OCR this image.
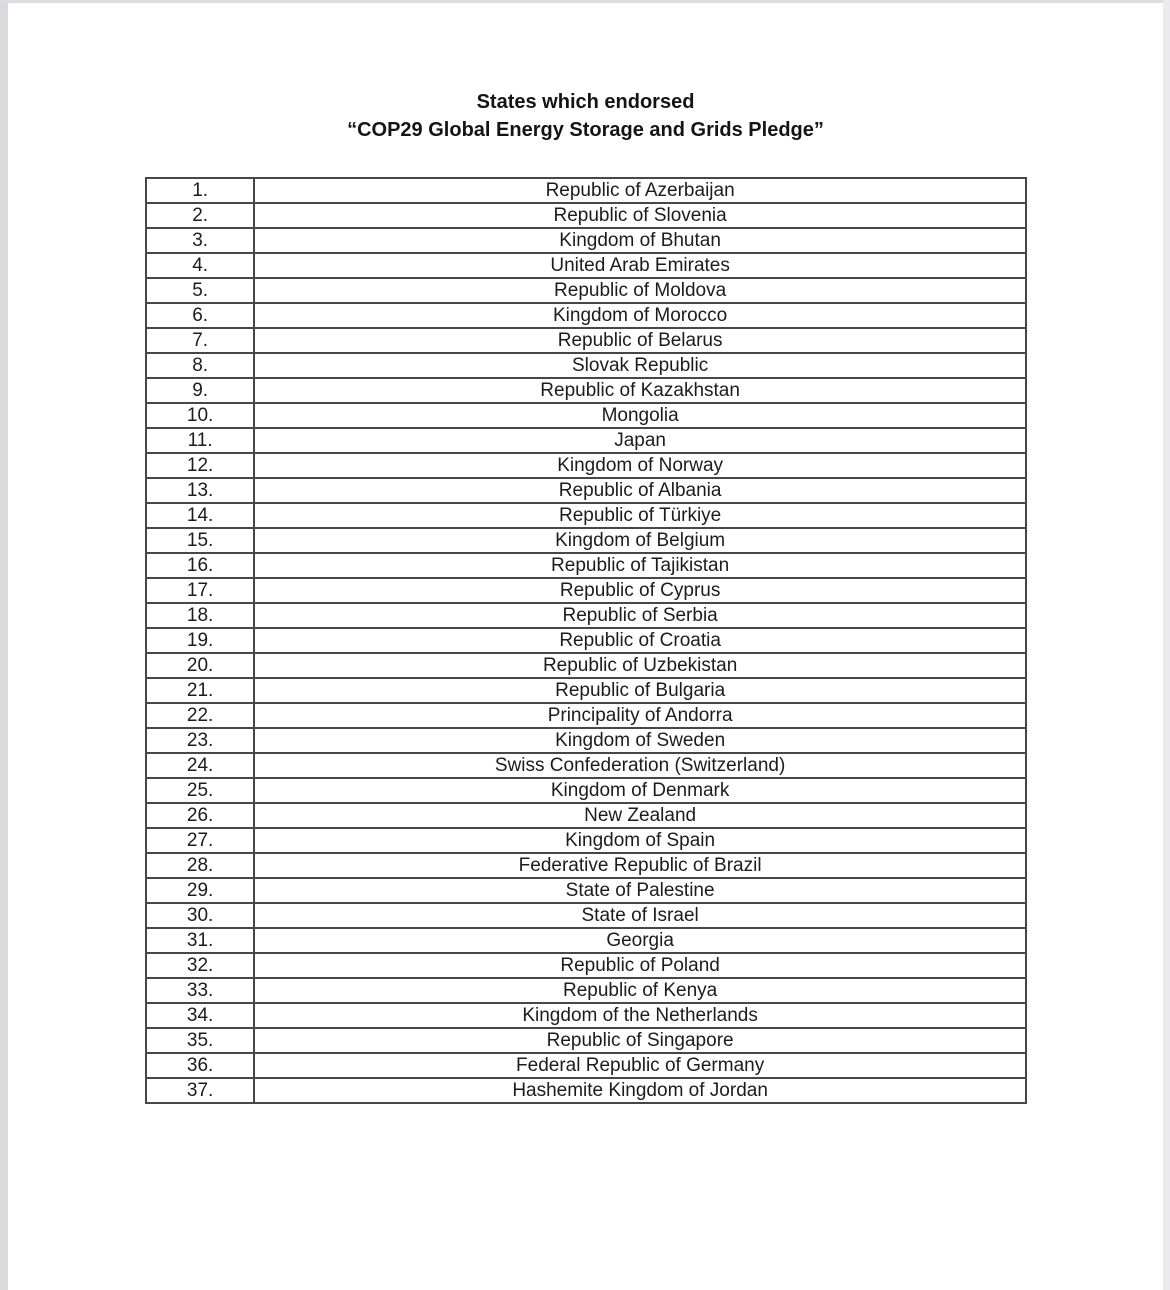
States which endorsed
“COP29 Global Energy Storage and Grids Pledge”
1.	Republic of Azerbaijan
2.	Republic of Slovenia
3.	Kingdom of Bhutan
4.	United Arab Emirates
5.	Republic of Moldova
6.	Kingdom of Morocco
7.	Republic of Belarus
8.	Slovak Republic
9.	Republic of Kazakhstan
10.	Mongolia
11.	Japan
12.	Kingdom of Norway
13.	Republic of Albania
14.	Republic of Türkiye
15.	Kingdom of Belgium
16.	Republic of Tajikistan
17.	Republic of Cyprus
18.	Republic of Serbia
19.	Republic of Croatia
20.	Republic of Uzbekistan
21.	Republic of Bulgaria
22.	Principality of Andorra
23.	Kingdom of Sweden
24.	Swiss Confederation (Switzerland)
25.	Kingdom of Denmark
26.	New Zealand
27.	Kingdom of Spain
28.	Federative Republic of Brazil
29.	State of Palestine
30.	State of Israel
31.	Georgia
32.	Republic of Poland
33.	Republic of Kenya
34.	Kingdom of the Netherlands
35.	Republic of Singapore
36.	Federal Republic of Germany
37.	Hashemite Kingdom of Jordan
